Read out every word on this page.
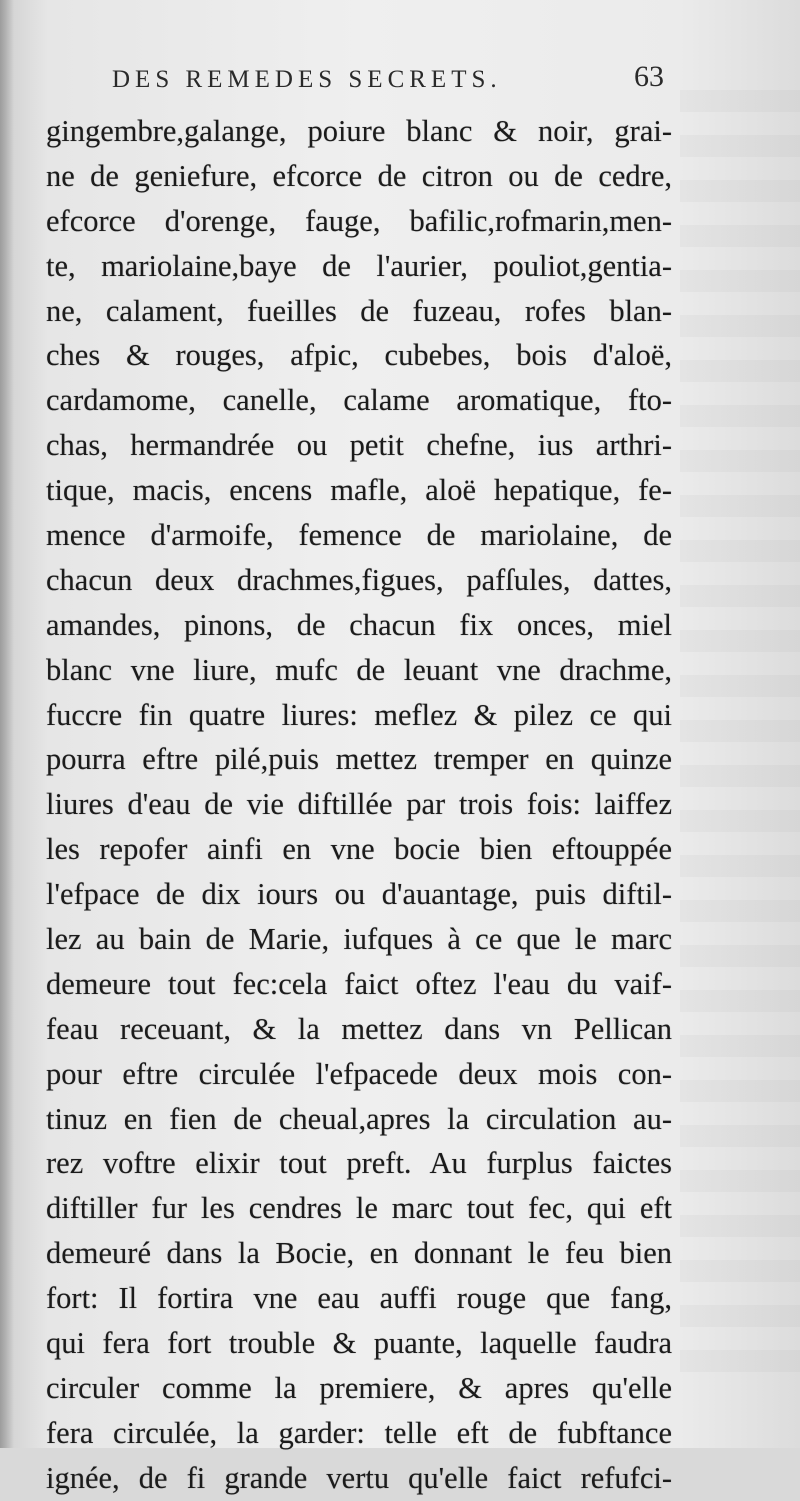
DES REMEDES SECRETS.	63
gingembre,galange, poiure blanc & noir, grai-
ne de geniefure, efcorce de citron ou de cedre,
efcorce d'orenge, fauge, bafilic,rofmarin,men-
te, mariolaine,baye de l'aurier, pouliot,gentia-
ne, calament, fueilles de fuzeau, rofes blan-
ches & rouges, afpic, cubebes, bois d'aloë,
cardamome, canelle, calame aromatique, fto-
chas, hermandrée ou petit chefne, ius arthri-
tique, macis, encens mafle, aloë hepatique, fe-
mence d'armoife, femence de mariolaine, de
chacun deux drachmes,figues, pafſules, dattes,
amandes, pinons, de chacun fix onces, miel
blanc vne liure, mufc de leuant vne drachme,
fuccre fin quatre liures: meflez & pilez ce qui
pourra eftre pilé,puis mettez tremper en quinze
liures d'eau de vie diftillée par trois fois: laiffez
les repofer ainfi en vne bocie bien eftouppée
l'efpace de dix iours ou d'auantage, puis diftil-
lez au bain de Marie, iufques à ce que le marc
demeure tout fec:cela faict oftez l'eau du vaif-
feau receuant, & la mettez dans vn Pellican
pour eftre circulée l'efpacede deux mois con-
tinuz en fien de cheual,apres la circulation au-
rez voftre elixir tout preft. Au furplus faictes
diftiller fur les cendres le marc tout fec, qui eft
demeuré dans la Bocie, en donnant le feu bien
fort: Il fortira vne eau auffi rouge que fang,
qui fera fort trouble & puante, laquelle faudra
circuler comme la premiere, & apres qu'elle
fera circulée, la garder: telle eft de fubftance
ignée, de fi grande vertu qu'elle faict refufci-
